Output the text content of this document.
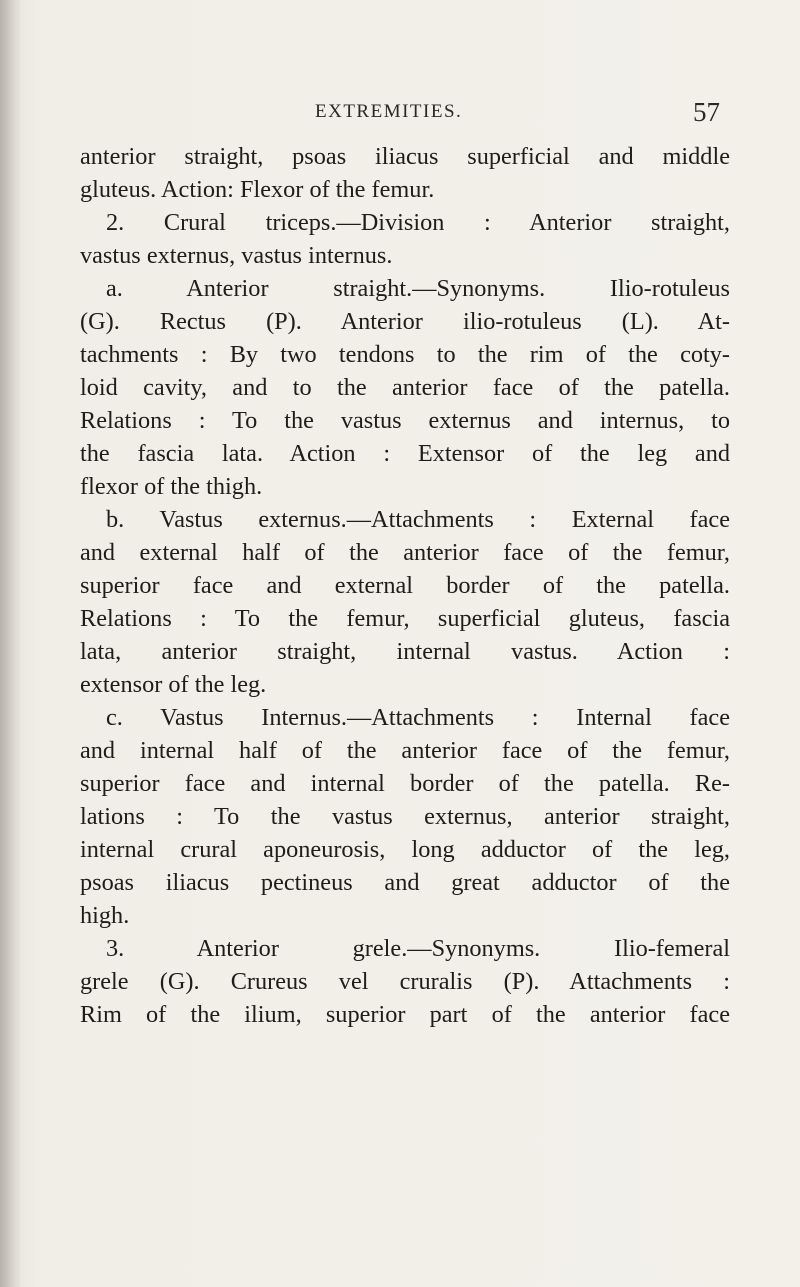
EXTREMITIES.	57
anterior straight, psoas iliacus superficial and middle
gluteus. Action: Flexor of the femur.
2. Crural triceps.—Division : Anterior straight,
vastus externus, vastus internus.
a. Anterior straight.—Synonyms. Ilio-rotuleus
(G). Rectus (P). Anterior ilio-rotuleus (L). At-
tachments : By two tendons to the rim of the coty-
loid cavity, and to the anterior face of the patella.
Relations : To the vastus externus and internus, to
the fascia lata. Action : Extensor of the leg and
flexor of the thigh.
b. Vastus externus.—Attachments : External face
and external half of the anterior face of the femur,
superior face and external border of the patella.
Relations : To the femur, superficial gluteus, fascia
lata, anterior straight, internal vastus. Action :
extensor of the leg.
c. Vastus Internus.—Attachments : Internal face
and internal half of the anterior face of the femur,
superior face and internal border of the patella. Re-
lations : To the vastus externus, anterior straight,
internal crural aponeurosis, long adductor of the leg,
psoas iliacus pectineus and great adductor of the
high.
3. Anterior grele.—Synonyms. Ilio-femeral
grele (G). Crureus vel cruralis (P). Attachments :
Rim of the ilium, superior part of the anterior face
